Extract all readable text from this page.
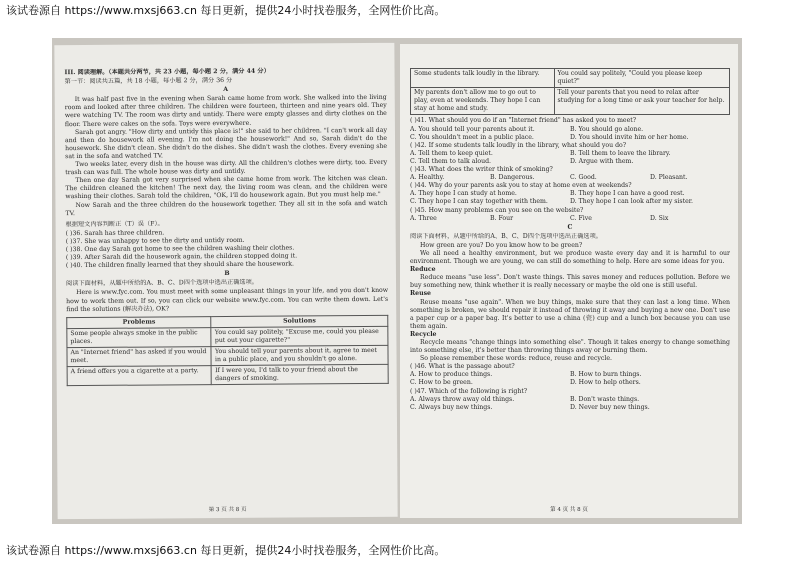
该试卷源自 https://www.mxsj663.cn 每日更新，提供24小时找卷服务，全网性价比高。
III. 阅读理解。（本题共分两节，共 23 小题，每小题 2 分，满分 44 分）
第一节：阅读共五篇，共 18 小题，每小题 2 分，满分 36 分
A

It was half past five in the evening when Sarah came home from work. She walked into the living room and looked after three children. The children were fourteen, thirteen and nine years old. They were watching TV. The room was dirty and untidy. There were empty glasses and dirty clothes on the floor. There were cakes on the sofa. Toys were everywhere.

Sarah got angry. "How dirty and untidy this place is!" she said to her children. "I can't work all day and then do housework all evening. I'm not doing the housework!" And so, Sarah didn't do the housework. She didn't clean. She didn't do the dishes. She didn't wash the clothes. Every evening she sat in the sofa and watched TV.

Two weeks later, every dish in the house was dirty. All the children's clothes were dirty, too. Every trash can was full. The whole house was dirty and untidy.

Then one day Sarah got very surprised when she came home from work. The kitchen was clean. The children cleaned the kitchen! The next day, the living room was clean, and the children were washing their clothes. Sarah told the children, "OK, I'll do housework again. But you must help me."

Now Sarah and the three children do the housework together. They all sit in the sofa and watch TV.

根据短文内容判断正（T）误（F）。
( )36. Sarah has three children.
( )37. She was unhappy to see the dirty and untidy room.
( )38. One day Sarah got home to see the children washing their clothes.
( )39. After Sarah did the housework again, the children stopped doing it.
( )40. The children finally learned that they should share the housework.
B
阅读下面材料，从题中所给的A、B、C、D四个选项中选出正确选项。

Here is www.fyc.com. You must meet with some unpleasant things in your life, and you don't know how to work them out. If so, you can click our website www.fyc.com. You can write them down. Let's find the solutions (解决办法), OK?

Problems	Solutions
Some people always smoke in the public places.	You could say politely, "Excuse me, could you please put out your cigarette?"
An "Internet friend" has asked if you would meet.	You should tell your parents about it, agree to meet in a public place, and you shouldn't go alone.
A friend offers you a cigarette at a party.	If I were you, I'd talk to your friend about the dangers of smoking.
第 3 页 共 8 页
Some students talk loudly in the library.	You could say politely, "Could you please keep quiet?"
My parents don't allow me to go out to play, even at weekends. They hope I can stay at home and study.	Tell your parents that you need to relax after studying for a long time or ask your teacher for help.
( )41. What should you do if an "Internet friend" has asked you to meet?
A. You should tell your parents about it.	B. You should go alone.
C. You shouldn't meet in a public place.	D. You should invite him or her home.
( )42. If some students talk loudly in the library, what should you do?
A. Tell them to keep quiet.	B. Tell them to leave the library.
C. Tell them to talk aloud.	D. Argue with them.
( )43. What does the writer think of smoking?
A. Healthy.	B. Dangerous.	C. Good.	D. Pleasant.
( )44. Why do your parents ask you to stay at home even at weekends?
A. They hope I can study at home.	B. They hope I can have a good rest.
C. They hope I can stay together with them.	D. They hope I can look after my sister.
( )45. How many problems can you see on the website?
A. Three	B. Four	C. Five	D. Six
C
阅读下面材料，从题中所给的A、B、C、D四个选项中选出正确选项。

How green are you? Do you know how to be green?

We all need a healthy environment, but we produce waste every day and it is harmful to our environment. Though we are young, we can still do something to help. Here are some ideas for you.

Reduce

Reduce means "use less". Don't waste things. This saves money and reduces pollution. Before we buy something new, think whether it is really necessary or maybe the old one is still useful.

Reuse

Reuse means "use again". When we buy things, make sure that they can last a long time. When something is broken, we should repair it instead of throwing it away and buying a new one. Don't use a paper cup or a paper bag. It's better to use a china (瓷) cup and a lunch box because you can use them again.

Recycle

Recycle means "change things into something else". Though it takes energy to change something into something else, it's better than throwing things away or burning them.

So please remember these words: reduce, reuse and recycle.

( )46. What is the passage about?
A. How to produce things.	B. How to burn things.
C. How to be green.	D. How to help others.
( )47. Which of the following is right?
A. Always throw away old things.	B. Don't waste things.
C. Always buy new things.	D. Never buy new things.
第 4 页 共 8 页
该试卷源自 https://www.mxsj663.cn 每日更新，提供24小时找卷服务，全网性价比高。
